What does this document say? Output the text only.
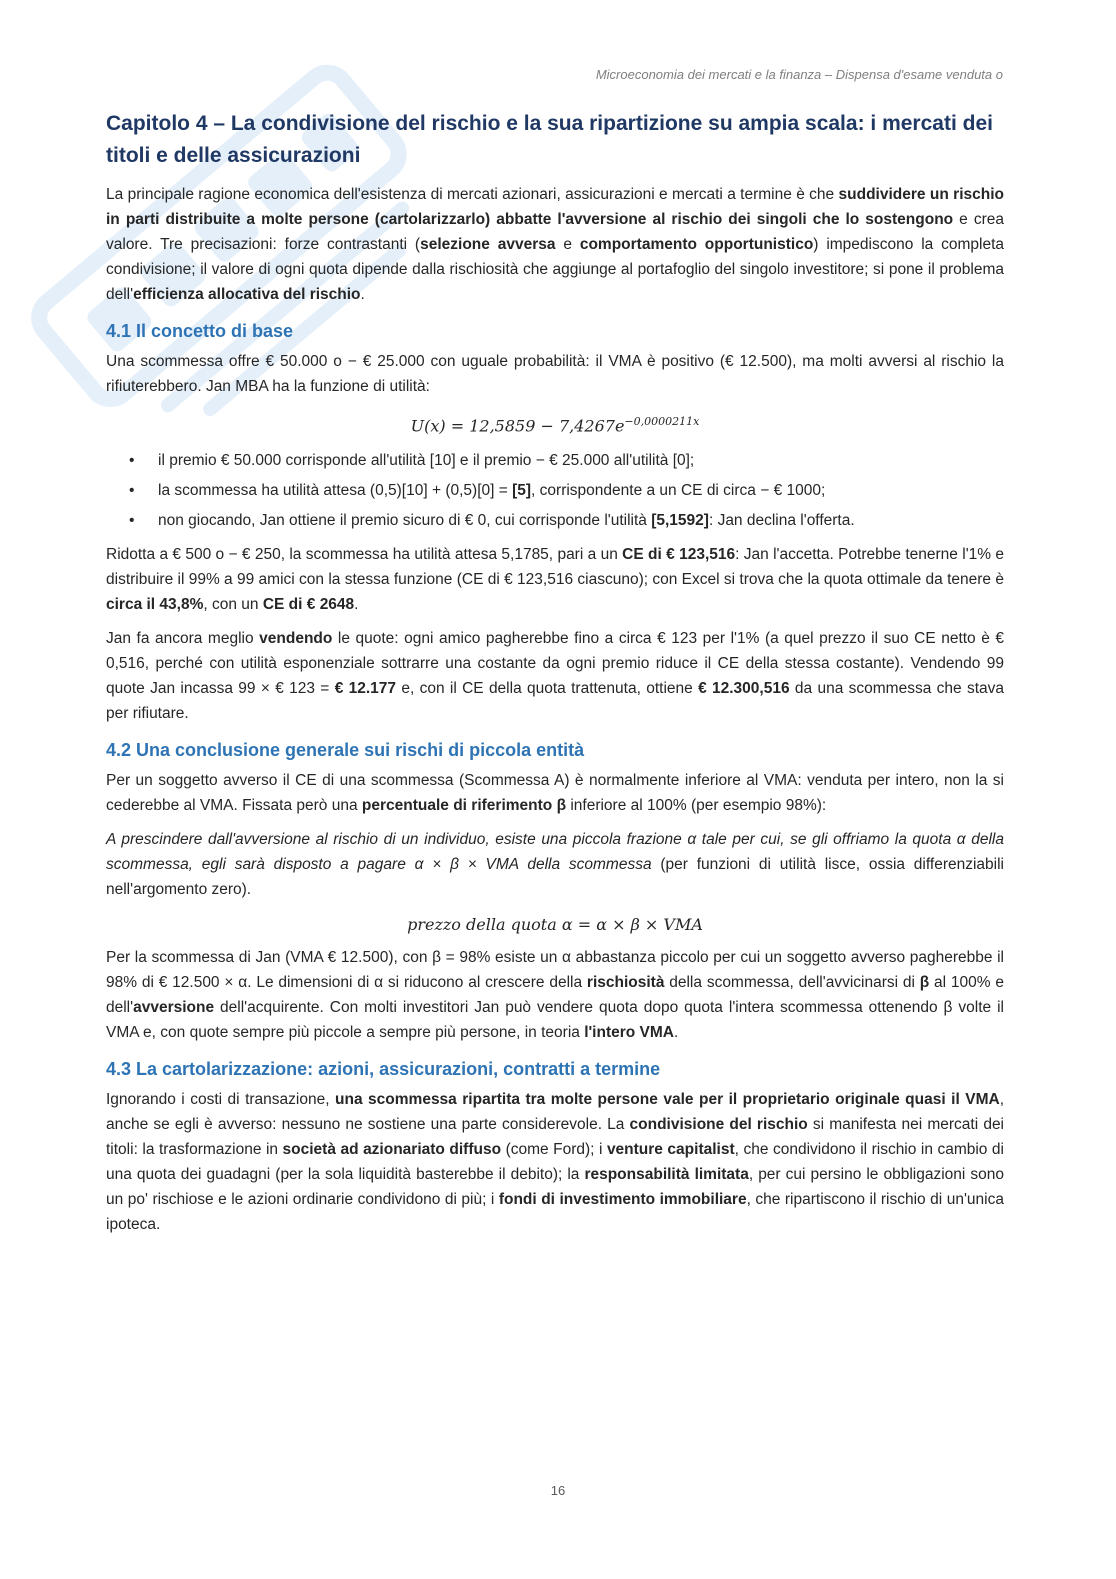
Microeconomia dei mercati e la finanza – Dispensa d'esame venduta o
Capitolo 4 – La condivisione del rischio e la sua ripartizione su ampia scala: i mercati dei titoli e delle assicurazioni

La principale ragione economica dell'esistenza di mercati azionari, assicurazioni e mercati a termine è che suddividere un rischio in parti distribuite a molte persone (cartolarizzarlo) abbatte l'avversione al rischio dei singoli che lo sostengono e crea valore. Tre precisazioni: forze contrastanti (selezione avversa e comportamento opportunistico) impediscono la completa condivisione; il valore di ogni quota dipende dalla rischiosità che aggiunge al portafoglio del singolo investitore; si pone il problema dell'efficienza allocativa del rischio.

4.1 Il concetto di base

Una scommessa offre € 50.000 o − € 25.000 con uguale probabilità: il VMA è positivo (€ 12.500), ma molti avversi al rischio la rifiuterebbero. Jan MBA ha la funzione di utilità:

$U(x) = 12,5859 - 7,4267e^{-0,0000211x}$
• il premio € 50.000 corrisponde all'utilità [10] e il premio − € 25.000 all'utilità [0];
• la scommessa ha utilità attesa (0,5)[10] + (0,5)[0] = [5], corrispondente a un CE di circa − € 1000;
• non giocando, Jan ottiene il premio sicuro di € 0, cui corrisponde l'utilità [5,1592]: Jan declina l'offerta.

Ridotta a € 500 o − € 250, la scommessa ha utilità attesa 5,1785, pari a un CE di € 123,516: Jan l'accetta. Potrebbe tenerne l'1% e distribuire il 99% a 99 amici con la stessa funzione (CE di € 123,516 ciascuno); con Excel si trova che la quota ottimale da tenere è circa il 43,8%, con un CE di € 2648.

Jan fa ancora meglio vendendo le quote: ogni amico pagherebbe fino a circa € 123 per l'1% (a quel prezzo il suo CE netto è € 0,516, perché con utilità esponenziale sottrarre una costante da ogni premio riduce il CE della stessa costante). Vendendo 99 quote Jan incassa 99 × € 123 = € 12.177 e, con il CE della quota trattenuta, ottiene € 12.300,516 da una scommessa che stava per rifiutare.

4.2 Una conclusione generale sui rischi di piccola entità

Per un soggetto avverso il CE di una scommessa (Scommessa A) è normalmente inferiore al VMA: venduta per intero, non la si cederebbe al VMA. Fissata però una percentuale di riferimento β inferiore al 100% (per esempio 98%):

A prescindere dall'avversione al rischio di un individuo, esiste una piccola frazione α tale per cui, se gli offriamo la quota α della scommessa, egli sarà disposto a pagare α × β × VMA della scommessa (per funzioni di utilità lisce, ossia differenziabili nell'argomento zero).

prezzo della quota α = α × β × VMA

Per la scommessa di Jan (VMA € 12.500), con β = 98% esiste un α abbastanza piccolo per cui un soggetto avverso pagherebbe il 98% di € 12.500 × α. Le dimensioni di α si riducono al crescere della rischiosità della scommessa, dell'avvicinarsi di β al 100% e dell'avversione dell'acquirente. Con molti investitori Jan può vendere quota dopo quota l'intera scommessa ottenendo β volte il VMA e, con quote sempre più piccole a sempre più persone, in teoria l'intero VMA.

4.3 La cartolarizzazione: azioni, assicurazioni, contratti a termine

Ignorando i costi di transazione, una scommessa ripartita tra molte persone vale per il proprietario originale quasi il VMA, anche se egli è avverso: nessuno ne sostiene una parte considerevole. La condivisione del rischio si manifesta nei mercati dei titoli: la trasformazione in società ad azionariato diffuso (come Ford); i venture capitalist, che condividono il rischio in cambio di una quota dei guadagni (per la sola liquidità basterebbe il debito); la responsabilità limitata, per cui persino le obbligazioni sono un po' rischiose e le azioni ordinarie condividono di più; i fondi di investimento immobiliare, che ripartiscono il rischio di un'unica ipoteca.

16
